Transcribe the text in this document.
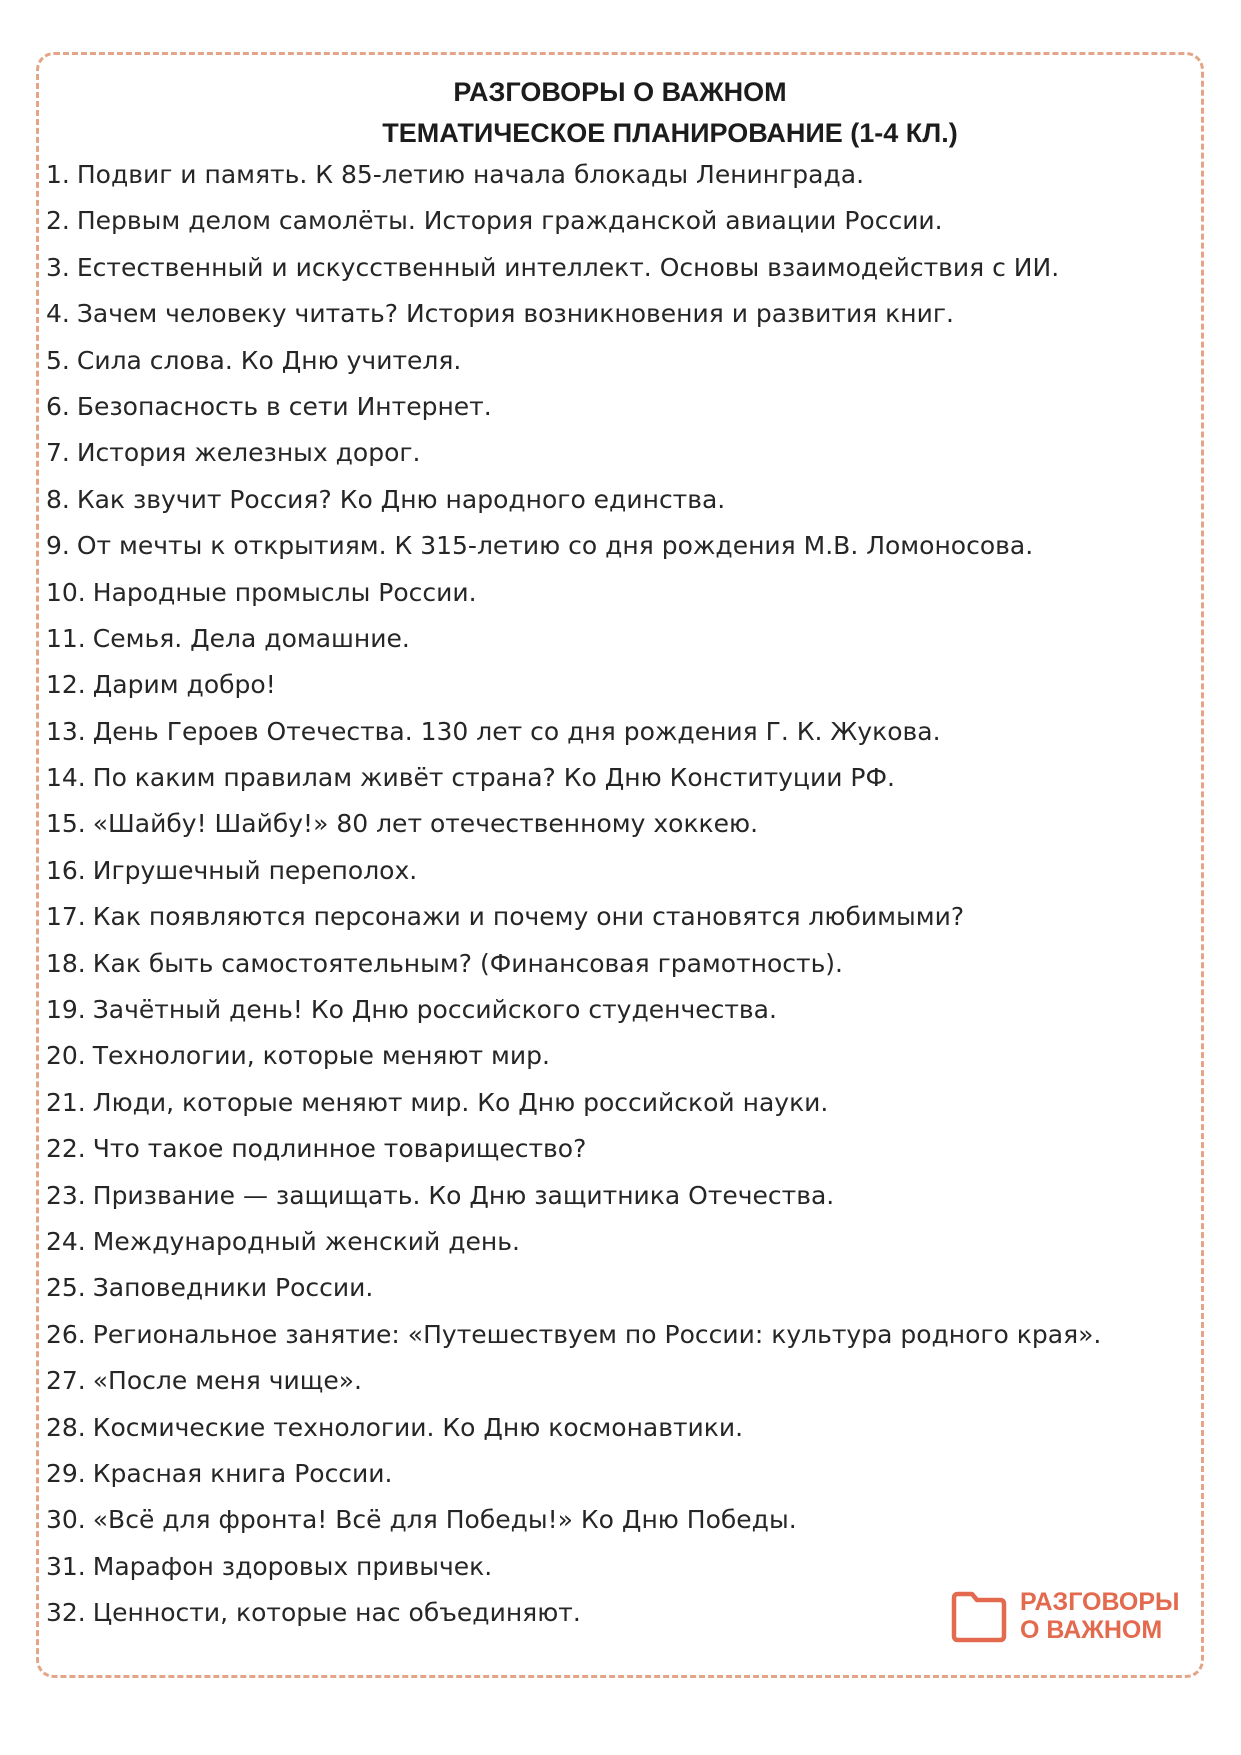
РАЗГОВОРЫ О ВАЖНОМ
ТЕМАТИЧЕСКОЕ ПЛАНИРОВАНИЕ (1-4 КЛ.)
1. Подвиг и память. К 85-летию начала блокады Ленинграда.
2. Первым делом самолёты. История гражданской авиации России.
3. Естественный и искусственный интеллект. Основы взаимодействия с ИИ.
4. Зачем человеку читать? История возникновения и развития книг.
5. Сила слова. Ко Дню учителя.
6. Безопасность в сети Интернет.
7. История железных дорог.
8. Как звучит Россия? Ко Дню народного единства.
9. От мечты к открытиям. К 315-летию со дня рождения М.В. Ломоносова.
10. Народные промыслы России.
11. Семья. Дела домашние.
12. Дарим добро!
13. День Героев Отечества. 130 лет со дня рождения Г. К. Жукова.
14. По каким правилам живёт страна? Ко Дню Конституции РФ.
15. «Шайбу! Шайбу!» 80 лет отечественному хоккею.
16. Игрушечный переполох.
17. Как появляются персонажи и почему они становятся любимыми?
18. Как быть самостоятельным? (Финансовая грамотность).
19. Зачётный день! Ко Дню российского студенчества.
20. Технологии, которые меняют мир.
21. Люди, которые меняют мир. Ко Дню российской науки.
22. Что такое подлинное товарищество?
23. Призвание — защищать. Ко Дню защитника Отечества.
24. Международный женский день.
25. Заповедники России.
26. Региональное занятие: «Путешествуем по России: культура родного края».
27. «После меня чище».
28. Космические технологии. Ко Дню космонавтики.
29. Красная книга России.
30. «Всё для фронта! Всё для Победы!» Ко Дню Победы.
31. Марафон здоровых привычек.
32. Ценности, которые нас объединяют.	РАЗГОВОРЫ
О ВАЖНОМ
